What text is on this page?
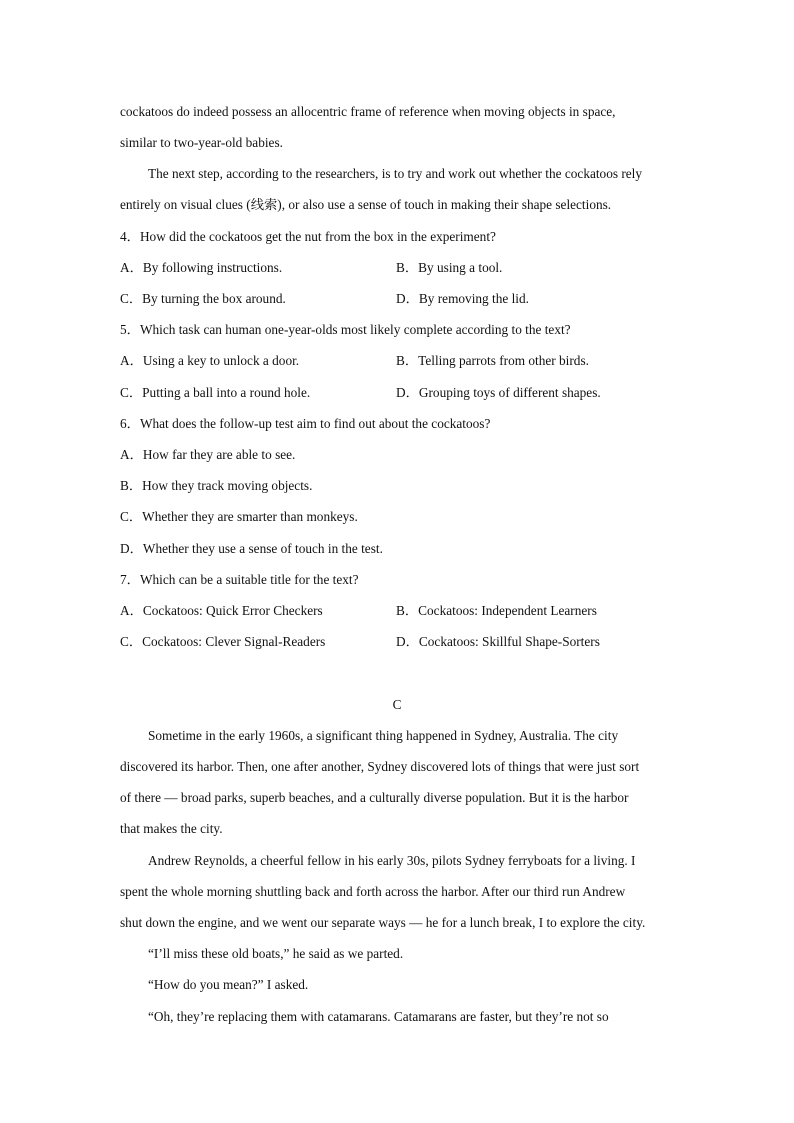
cockatoos do indeed possess an allocentric frame of reference when moving objects in space,
similar to two-year-old babies.
The next step, according to the researchers, is to try and work out whether the cockatoos rely
entirely on visual clues (线索), or also use a sense of touch in making their shape selections.
4．How did the cockatoos get the nut from the box in the experiment?
A．By following instructions.	B．By using a tool.
C．By turning the box around.	D．By removing the lid.
5．Which task can human one-year-olds most likely complete according to the text?
A．Using a key to unlock a door.	B．Telling parrots from other birds.
C．Putting a ball into a round hole.	D．Grouping toys of different shapes.
6．What does the follow-up test aim to find out about the cockatoos?
A．How far they are able to see.
B．How they track moving objects.
C．Whether they are smarter than monkeys.
D．Whether they use a sense of touch in the test.
7．Which can be a suitable title for the text?
A．Cockatoos: Quick Error Checkers	B．Cockatoos: Independent Learners
C．Cockatoos: Clever Signal-Readers	D．Cockatoos: Skillful Shape-Sorters
C
Sometime in the early 1960s, a significant thing happened in Sydney, Australia. The city
discovered its harbor. Then, one after another, Sydney discovered lots of things that were just sort
of there — broad parks, superb beaches, and a culturally diverse population. But it is the harbor
that makes the city.
Andrew Reynolds, a cheerful fellow in his early 30s, pilots Sydney ferryboats for a living. I
spent the whole morning shuttling back and forth across the harbor. After our third run Andrew
shut down the engine, and we went our separate ways — he for a lunch break, I to explore the city.
“I’ll miss these old boats,” he said as we parted.
“How do you mean?” I asked.
“Oh, they’re replacing them with catamarans. Catamarans are faster, but they’re not so
